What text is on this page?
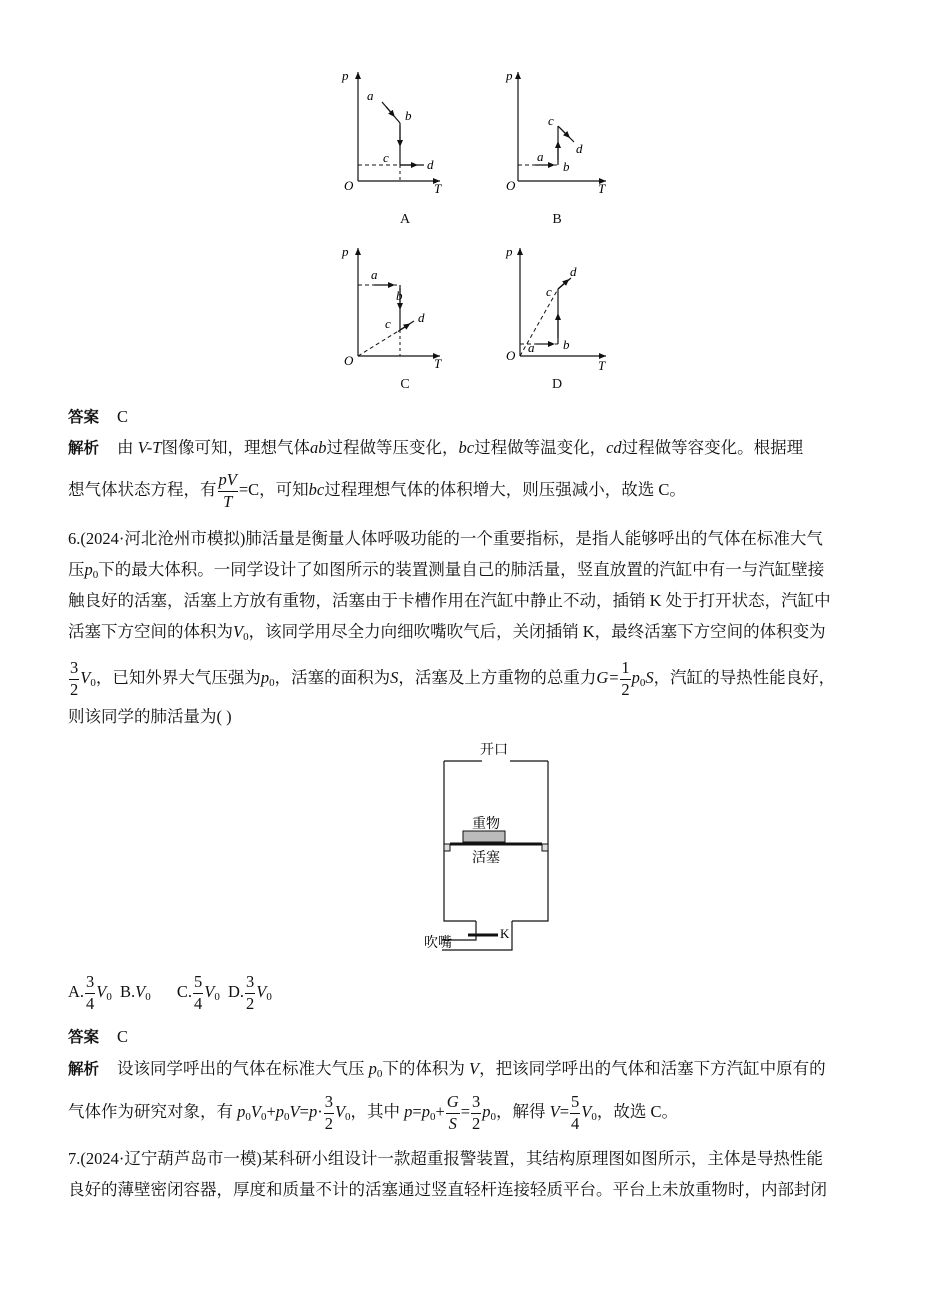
p
T
O
a
b
c	d
p
T
O
a
b
c
d
p
T
O
a
b
c d
p
T
O
a b
c
d
A	B
C	D
答案 C
解析 由 V-T图像可知，理想气体ab过程做等压变化，bc过程做等温变化，cd过程做等容变化。根据理
想气体状态方程，有 $\frac{pV}{T} =C$，可知bc过程理想气体的体积增大，则压强减小，故选 C。
6.(2024·河北沧州市模拟)肺活量是衡量人体呼吸功能的一个重要指标，是指人能够呼出的气体在标准大气
压$p_0$下的最大体积。一同学设计了如图所示的装置测量自己的肺活量，竖直放置的汽缸中有一与汽缸壁接
触良好的活塞，活塞上方放有重物，活塞由于卡槽作用在汽缸中静止不动，插销 K 处于打开状态，汽缸中
活塞下方空间的体积为$V_0$，该同学用尽全力向细吹嘴吹气后，关闭插销 K，最终活塞下方空间的体积变为
$\frac{3}{2} V_0$，已知外界大气压强为$p_0$，活塞的面积为S，活塞及上方重物的总重力$G= \frac{1}{2} p_0S$，汽缸的导热性能良好，
则该同学的肺活量为( )
开口
重物
活塞
K
吹嘴
A. $\frac{3}{4} V_0$ $B.V_0$ C. $\frac{5}{4} V_0$ D. $\frac{3}{2} V_0$
答案 C
解析 设该同学呼出的气体在标准大气压 $p_0$下的体积为 V，把该同学呼出的气体和活塞下方汽缸中原有的
气体作为研究对象，有 $p_0V_0+p_0V=p\cdot \frac{3}{2} V_0$，其中 $p=p_0+ \frac{G}{S} = \frac{3}{2} p_0$，解得 $V= \frac{5}{4} V_0$，故选 C。
7.(2024·辽宁葫芦岛市一模)某科研小组设计一款超重报警装置，其结构原理图如图所示，主体是导热性能
良好的薄壁密闭容器，厚度和质量不计的活塞通过竖直轻杆连接轻质平台。平台上未放重物时，内部封闭
